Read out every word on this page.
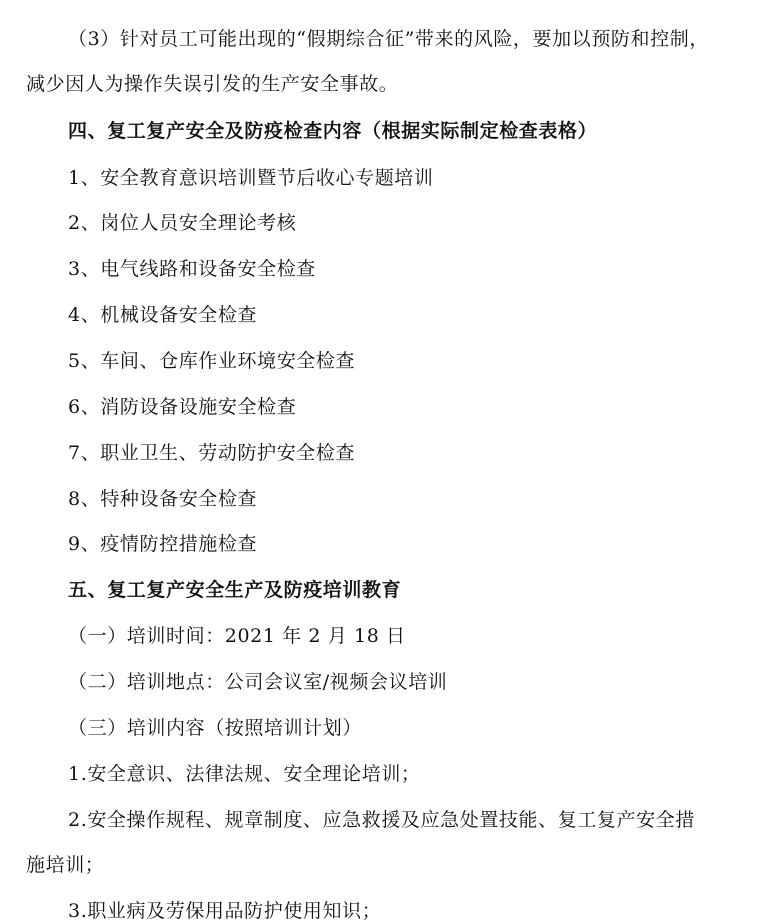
（3）针对员工可能出现的“假期综合征”带来的风险，要加以预防和控制，
减少因人为操作失误引发的生产安全事故。
四、复工复产安全及防疫检查内容（根据实际制定检查表格）
1、安全教育意识培训暨节后收心专题培训
2、岗位人员安全理论考核
3、电气线路和设备安全检查
4、机械设备安全检查
5、车间、仓库作业环境安全检查
6、消防设备设施安全检查
7、职业卫生、劳动防护安全检查
8、特种设备安全检查
9、疫情防控措施检查
五、复工复产安全生产及防疫培训教育
（一）培训时间：2021 年 2 月 18 日
（二）培训地点：公司会议室/视频会议培训
（三）培训内容（按照培训计划）
1.安全意识、法律法规、安全理论培训；
2.安全操作规程、规章制度、应急救援及应急处置技能、复工复产安全措
施培训；
3.职业病及劳保用品防护使用知识；
